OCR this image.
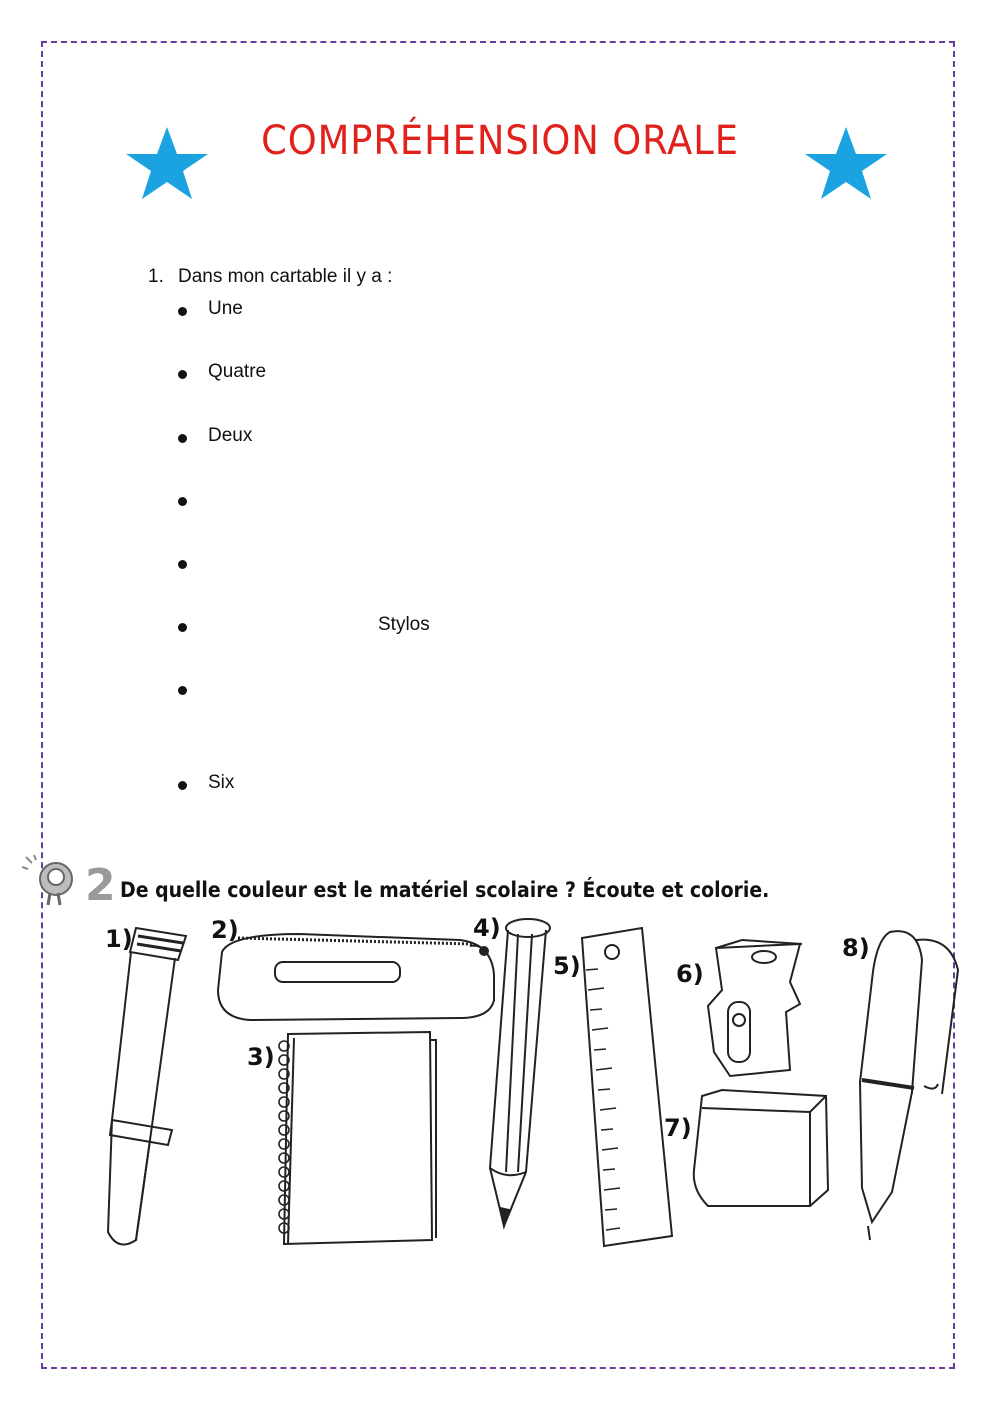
COMPRÉHENSION ORALE
1. Dans mon cartable il y a :
Une
Quatre
Deux
Stylos
Six
2 De quelle couleur est le matériel scolaire ? Écoute et colorie.
1)	2)
3)
4)
5)	6)
7)
8)
